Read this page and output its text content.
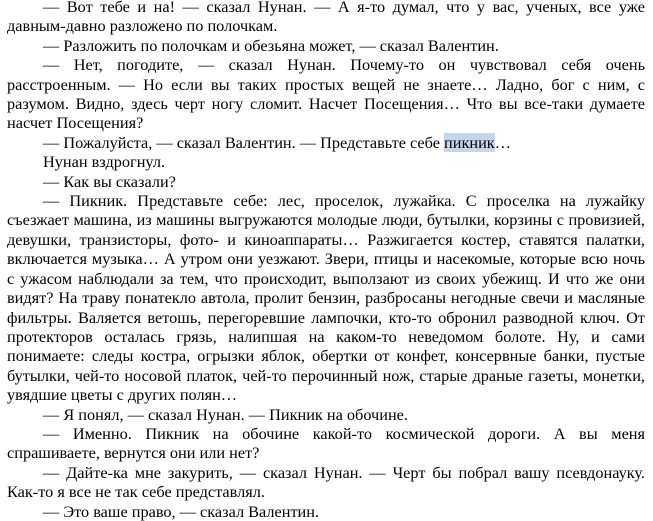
— Вот тебе и на! — сказал Нунан. — А я-то думал, что у вас, ученых, все уже давным-давно разложено по полочкам.

— Разложить по полочкам и обезьяна может, — сказал Валентин.

— Нет, погодите, — сказал Нунан. Почему-то он чувствовал себя очень расстроенным. — Но если вы таких простых вещей не знаете… Ладно, бог с ним, с разумом. Видно, здесь черт ногу сломит. Насчет Посещения… Что вы все-таки думаете насчет Посещения?

— Пожалуйста, — сказал Валентин. — Представьте себе пикник…

Нунан вздрогнул.

— Как вы сказали?

— Пикник. Представьте себе: лес, проселок, лужайка. С проселка на лужайку съезжает машина, из машины выгружаются молодые люди, бутылки, корзины с провизией, девушки, транзисторы, фото- и киноаппараты… Разжигается костер, ставятся палатки, включается музыка… А утром они уезжают. Звери, птицы и насекомые, которые всю ночь с ужасом наблюдали за тем, что происходит, выползают из своих убежищ. И что же они видят? На траву понатекло автола, пролит бензин, разбросаны негодные свечи и масляные фильтры. Валяется ветошь, перегоревшие лампочки, кто-то обронил разводной ключ. От протекторов осталась грязь, налипшая на каком-то неведомом болоте. Ну, и сами понимаете: следы костра, огрызки яблок, обертки от конфет, консервные банки, пустые бутылки, чей-то носовой платок, чей-то перочинный нож, старые драные газеты, монетки, увядшие цветы с других полян…

— Я понял, — сказал Нунан. — Пикник на обочине.

— Именно. Пикник на обочине какой-то космической дороги. А вы меня спрашиваете, вернутся они или нет?

— Дайте-ка мне закурить, — сказал Нунан. — Черт бы побрал вашу псевдонауку. Как-то я все не так себе представлял.

— Это ваше право, — сказал Валентин.
